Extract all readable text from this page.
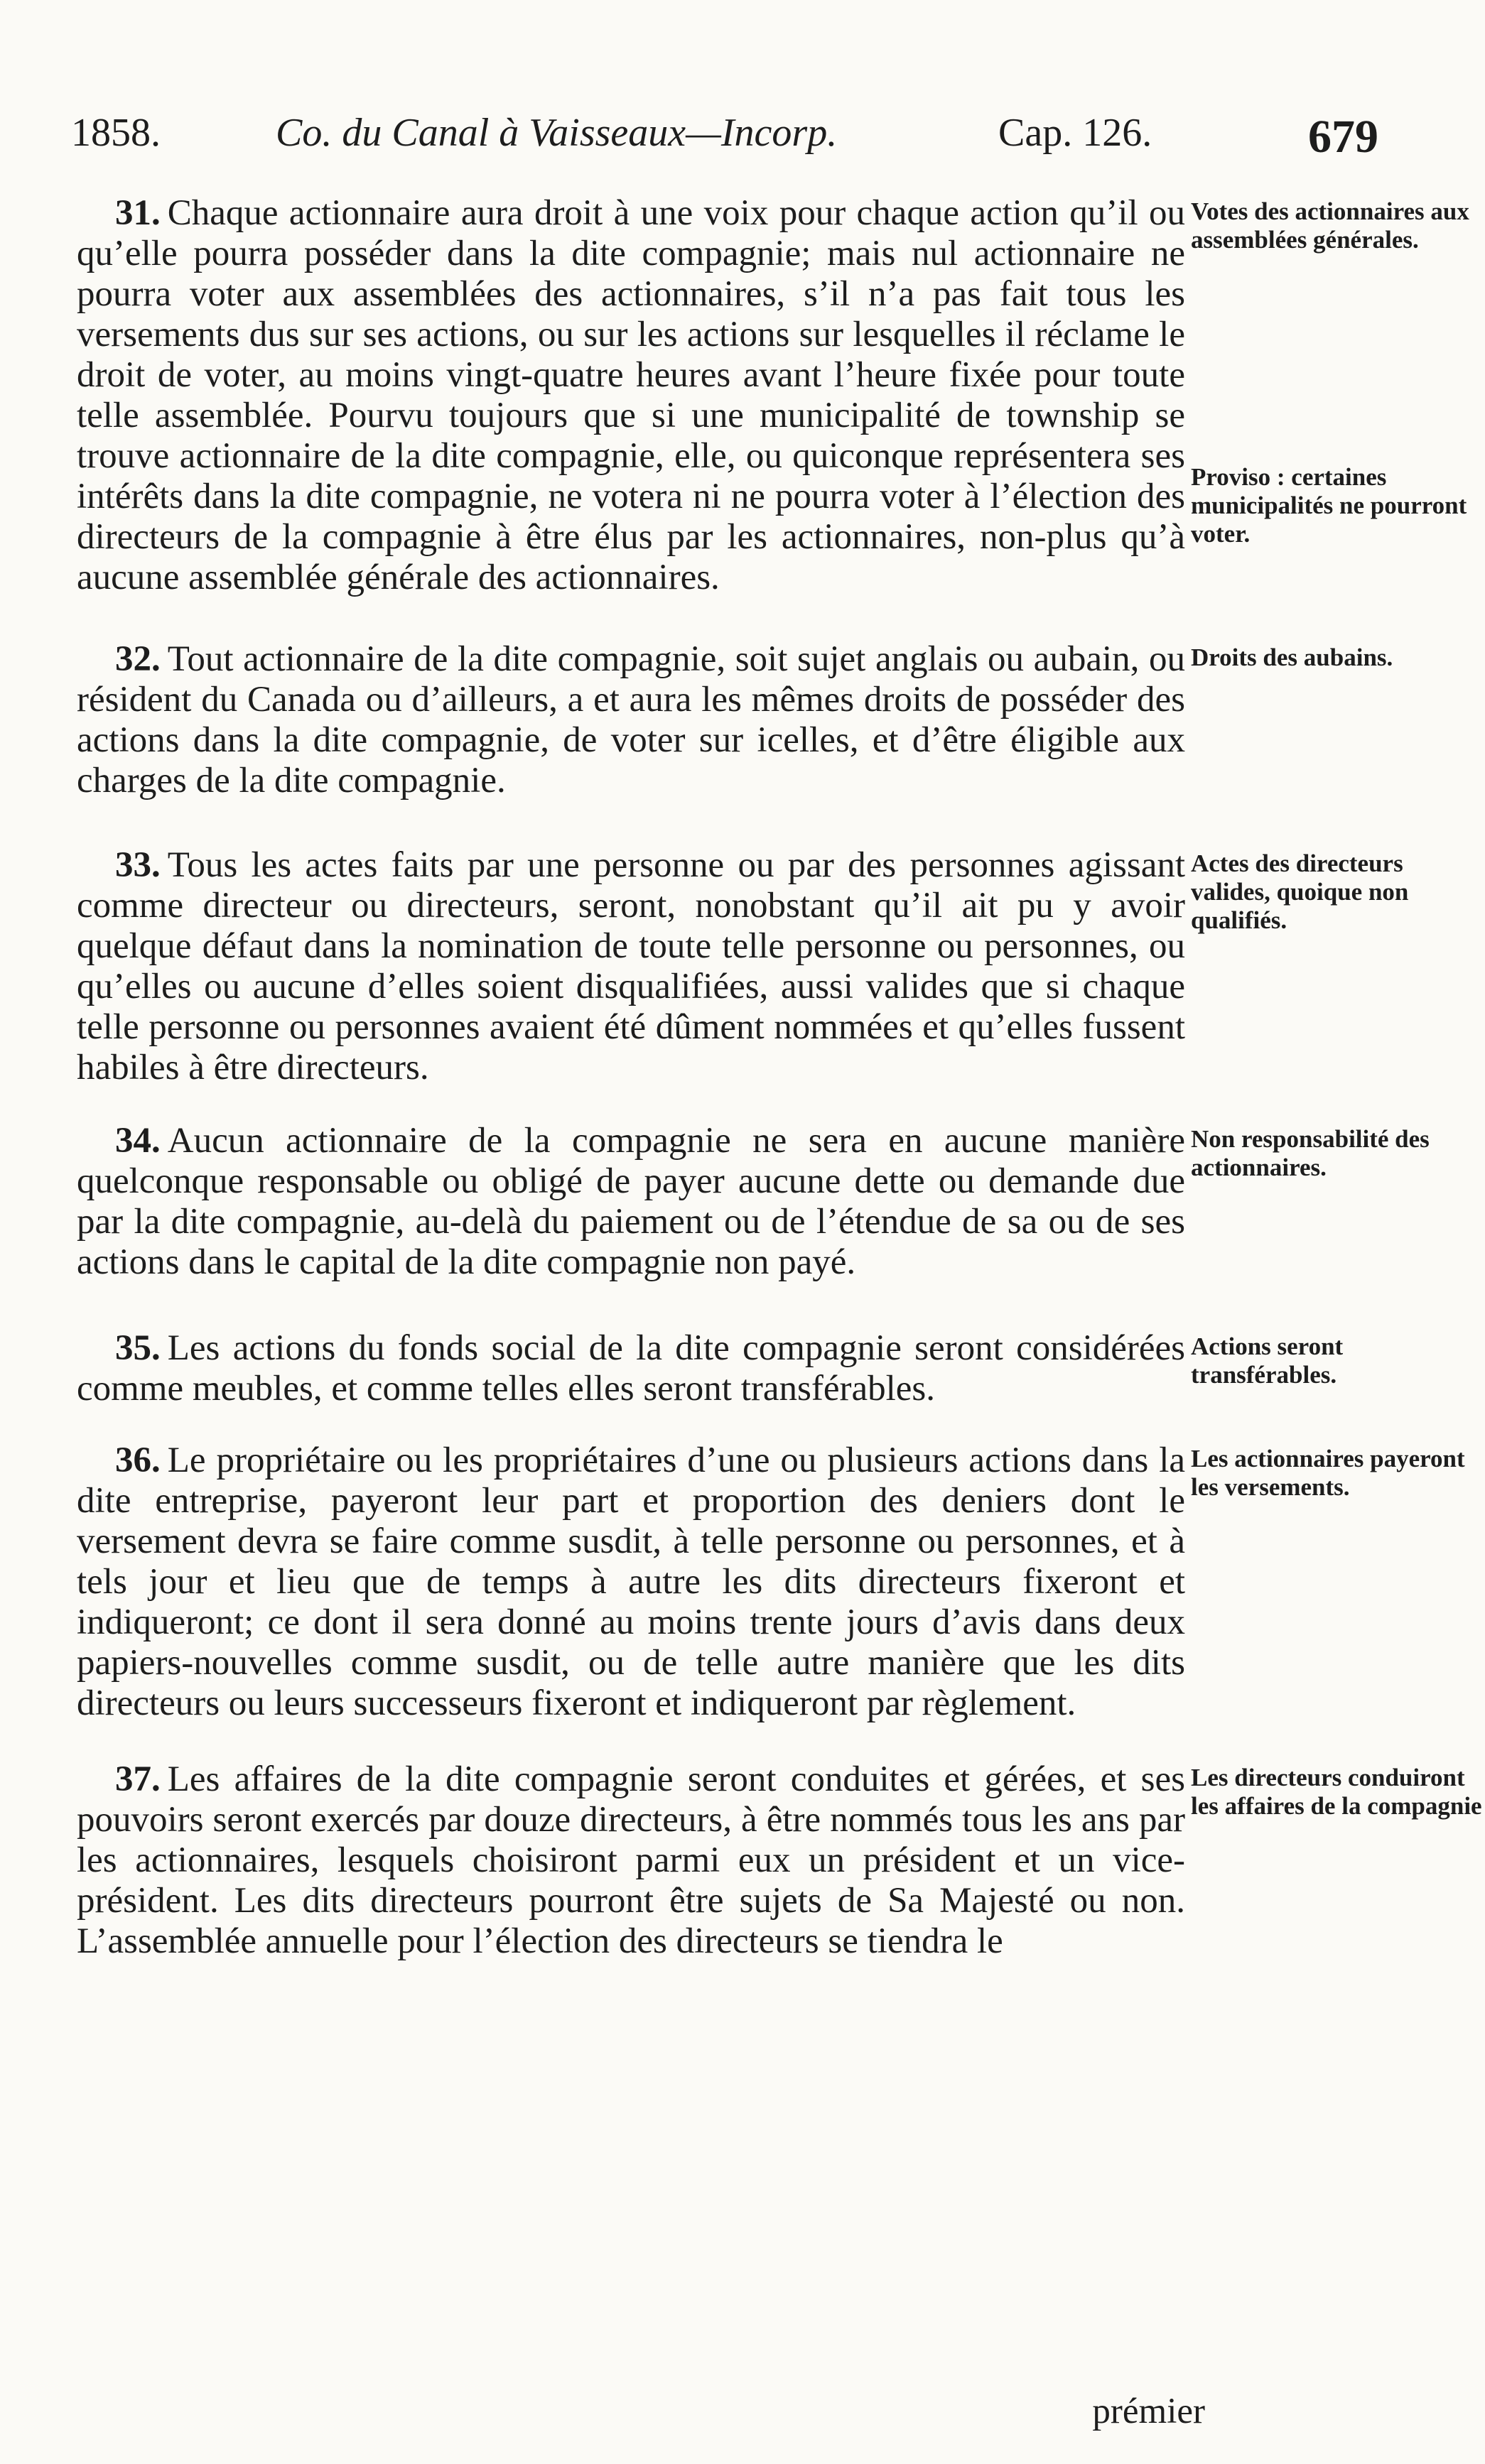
1858.	Co. du Canal à Vaisseaux—Incorp.	Cap. 126.	679
31. Chaque actionnaire aura droit à une voix pour chaque action qu’il ou qu’elle pourra posséder dans la dite compagnie; mais nul actionnaire ne pourra voter aux assemblées des actionnaires, s’il n’a pas fait tous les versements dus sur ses actions, ou sur les actions sur lesquelles il réclame le droit de voter, au moins vingt-quatre heures avant l’heure fixée pour toute telle assemblée. Pourvu toujours que si une municipalité de township se trouve actionnaire de la dite compagnie, elle, ou quiconque représentera ses intérêts dans la dite compagnie, ne votera ni ne pourra voter à l’élection des directeurs de la compagnie à être élus par les actionnaires, non-plus qu’à aucune assemblée générale des actionnaires.
Votes des actionnaires aux assemblées générales.
Proviso : certaines municipalités ne pourront voter.
32. Tout actionnaire de la dite compagnie, soit sujet anglais ou aubain, ou résident du Canada ou d’ailleurs, a et aura les mêmes droits de posséder des actions dans la dite compagnie, de voter sur icelles, et d’être éligible aux charges de la dite compagnie.
Droits des aubains.
33. Tous les actes faits par une personne ou par des personnes agissant comme directeur ou directeurs, seront, nonobstant qu’il ait pu y avoir quelque défaut dans la nomination de toute telle personne ou personnes, ou qu’elles ou aucune d’elles soient disqualifiées, aussi valides que si chaque telle personne ou personnes avaient été dûment nommées et qu’elles fussent habiles à être directeurs.
Actes des directeurs valides, quoique non qualifiés.
34. Aucun actionnaire de la compagnie ne sera en aucune manière quelconque responsable ou obligé de payer aucune dette ou demande due par la dite compagnie, au-delà du paiement ou de l’étendue de sa ou de ses actions dans le capital de la dite compagnie non payé.
Non responsabilité des actionnaires.
35. Les actions du fonds social de la dite compagnie seront considérées comme meubles, et comme telles elles seront transférables.
Actions seront transférables.
36. Le propriétaire ou les propriétaires d’une ou plusieurs actions dans la dite entreprise, payeront leur part et proportion des deniers dont le versement devra se faire comme susdit, à telle personne ou personnes, et à tels jour et lieu que de temps à autre les dits directeurs fixeront et indiqueront; ce dont il sera donné au moins trente jours d’avis dans deux papiers-nouvelles comme susdit, ou de telle autre manière que les dits directeurs ou leurs successeurs fixeront et indiqueront par règlement.
Les actionnaires payeront les versements.
37. Les affaires de la dite compagnie seront conduites et gérées, et ses pouvoirs seront exercés par douze directeurs, à être nommés tous les ans par les actionnaires, lesquels choisiront parmi eux un président et un vice-président. Les dits directeurs pourront être sujets de Sa Majesté ou non. L’assemblée annuelle pour l’élection des directeurs se tiendra le
Les directeurs conduiront les affaires de la compagnie
prémier
